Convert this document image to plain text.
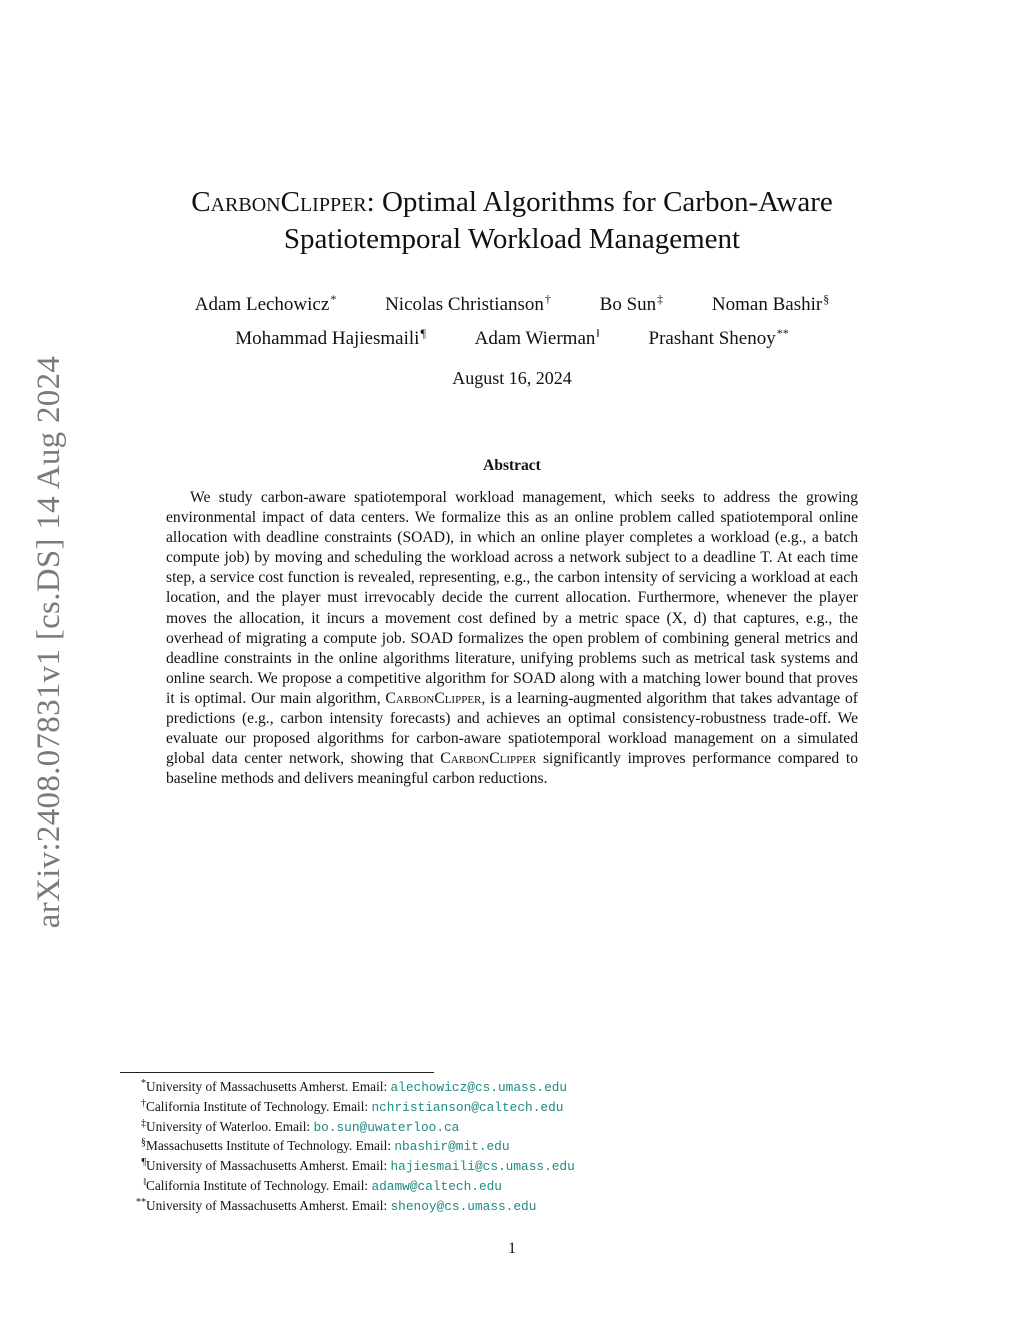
arXiv:2408.07831v1 [cs.DS] 14 Aug 2024
CarbonClipper: Optimal Algorithms for Carbon-Aware
Spatiotemporal Workload Management
Adam Lechowicz*	Nicolas Christianson†	Bo Sun‡	Noman Bashir§
Mohammad Hajiesmaili¶	Adam Wierman‖	Prashant Shenoy**
August 16, 2024
Abstract
We study carbon-aware spatiotemporal workload management, which seeks to address the growing environmental impact of data centers. We formalize this as an online problem called spatiotemporal online allocation with deadline constraints (SOAD), in which an online player completes a workload (e.g., a batch compute job) by moving and scheduling the workload across a network subject to a deadline T. At each time step, a service cost function is revealed, representing, e.g., the carbon intensity of servicing a workload at each location, and the player must irrevocably decide the current allocation. Furthermore, whenever the player moves the allocation, it incurs a movement cost defined by a metric space (X, d) that captures, e.g., the overhead of migrating a compute job. SOAD formalizes the open problem of combining general metrics and deadline constraints in the online algorithms literature, unifying problems such as metrical task systems and online search. We propose a competitive algorithm for SOAD along with a matching lower bound that proves it is optimal. Our main algorithm, CarbonClipper, is a learning-augmented algorithm that takes advantage of predictions (e.g., carbon intensity forecasts) and achieves an optimal consistency-robustness trade-off. We evaluate our proposed algorithms for carbon-aware spatiotemporal workload management on a simulated global data center network, showing that CarbonClipper significantly improves performance compared to baseline methods and delivers meaningful carbon reductions.
*University of Massachusetts Amherst. Email: alechowicz@cs.umass.edu
†California Institute of Technology. Email: nchristianson@caltech.edu
‡University of Waterloo. Email: bo.sun@uwaterloo.ca
§Massachusetts Institute of Technology. Email: nbashir@mit.edu
¶University of Massachusetts Amherst. Email: hajiesmaili@cs.umass.edu
‖California Institute of Technology. Email: adamw@caltech.edu
**University of Massachusetts Amherst. Email: shenoy@cs.umass.edu
1
